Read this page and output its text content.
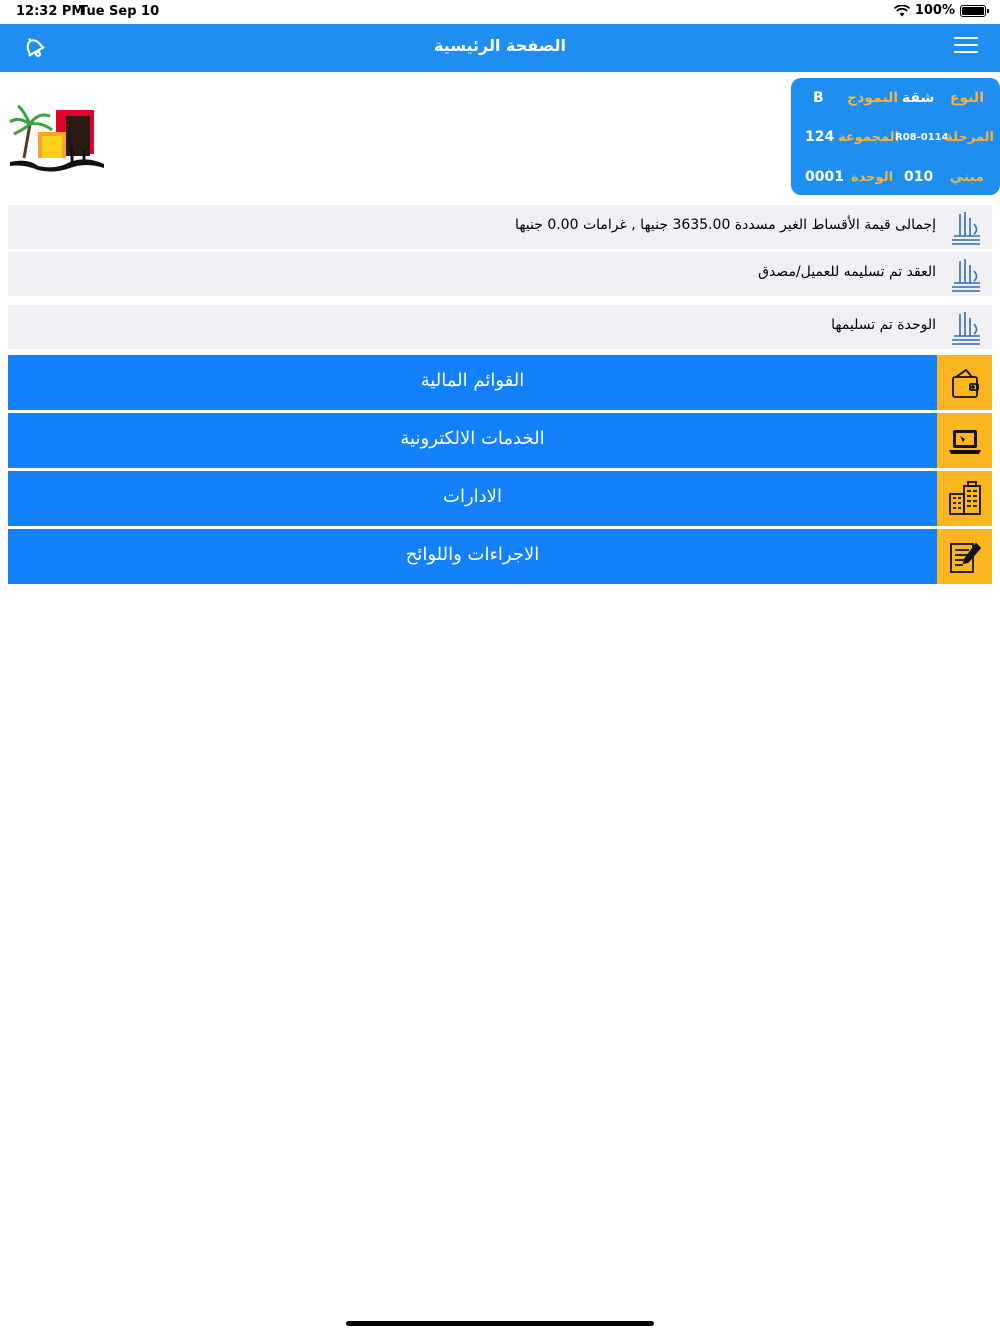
12:32 PM
Tue Sep 10	100%
الصفحة الرئيسية
B النموذج شقة النوع
124 المجموعة
R08-0114
المرحلة
0001 الوحدة 010 مبني
إجمالى قيمة الأقساط الغير مسددة 3635.00 جنيها , غرامات 0.00 جنيها
العقد تم تسليمه للعميل/مصدق
الوحدة تم تسليمها
القوائم المالية
الخدمات الالكترونية
الادارات
الاجراءات واللوائح
